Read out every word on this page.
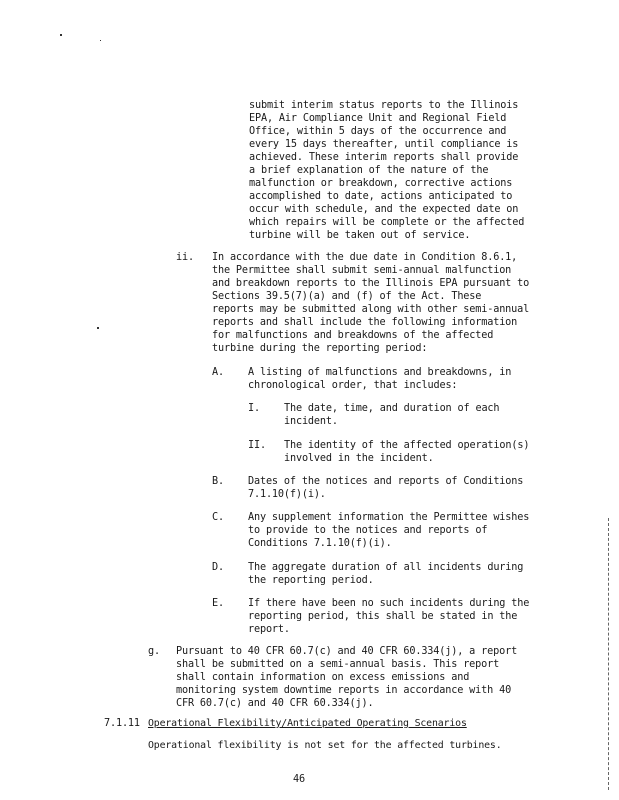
submit interim status reports to the Illinois
EPA, Air Compliance Unit and Regional Field
Office, within 5 days of the occurrence and
every 15 days thereafter, until compliance is
achieved. These interim reports shall provide
a brief explanation of the nature of the
malfunction or breakdown, corrective actions
accomplished to date, actions anticipated to
occur with schedule, and the expected date on
which repairs will be complete or the affected
turbine will be taken out of service.
ii. In accordance with the due date in Condition 8.6.1,
the Permittee shall submit semi-annual malfunction
and breakdown reports to the Illinois EPA pursuant to
Sections 39.5(7)(a) and (f) of the Act. These
reports may be submitted along with other semi-annual
reports and shall include the following information
for malfunctions and breakdowns of the affected
turbine during the reporting period:
A. A listing of malfunctions and breakdowns, in
chronological order, that includes:
I. The date, time, and duration of each
incident.
II. The identity of the affected operation(s)
involved in the incident.
B. Dates of the notices and reports of Conditions
7.1.10(f)(i).
C. Any supplement information the Permittee wishes
to provide to the notices and reports of
Conditions 7.1.10(f)(i).
D. The aggregate duration of all incidents during
the reporting period.
E. If there have been no such incidents during the
reporting period, this shall be stated in the
report.
g. Pursuant to 40 CFR 60.7(c) and 40 CFR 60.334(j), a report
shall be submitted on a semi-annual basis. This report
shall contain information on excess emissions and
monitoring system downtime reports in accordance with 40
CFR 60.7(c) and 40 CFR 60.334(j).
7.1.11 Operational Flexibility/Anticipated Operating Scenarios
Operational flexibility is not set for the affected turbines.
46
